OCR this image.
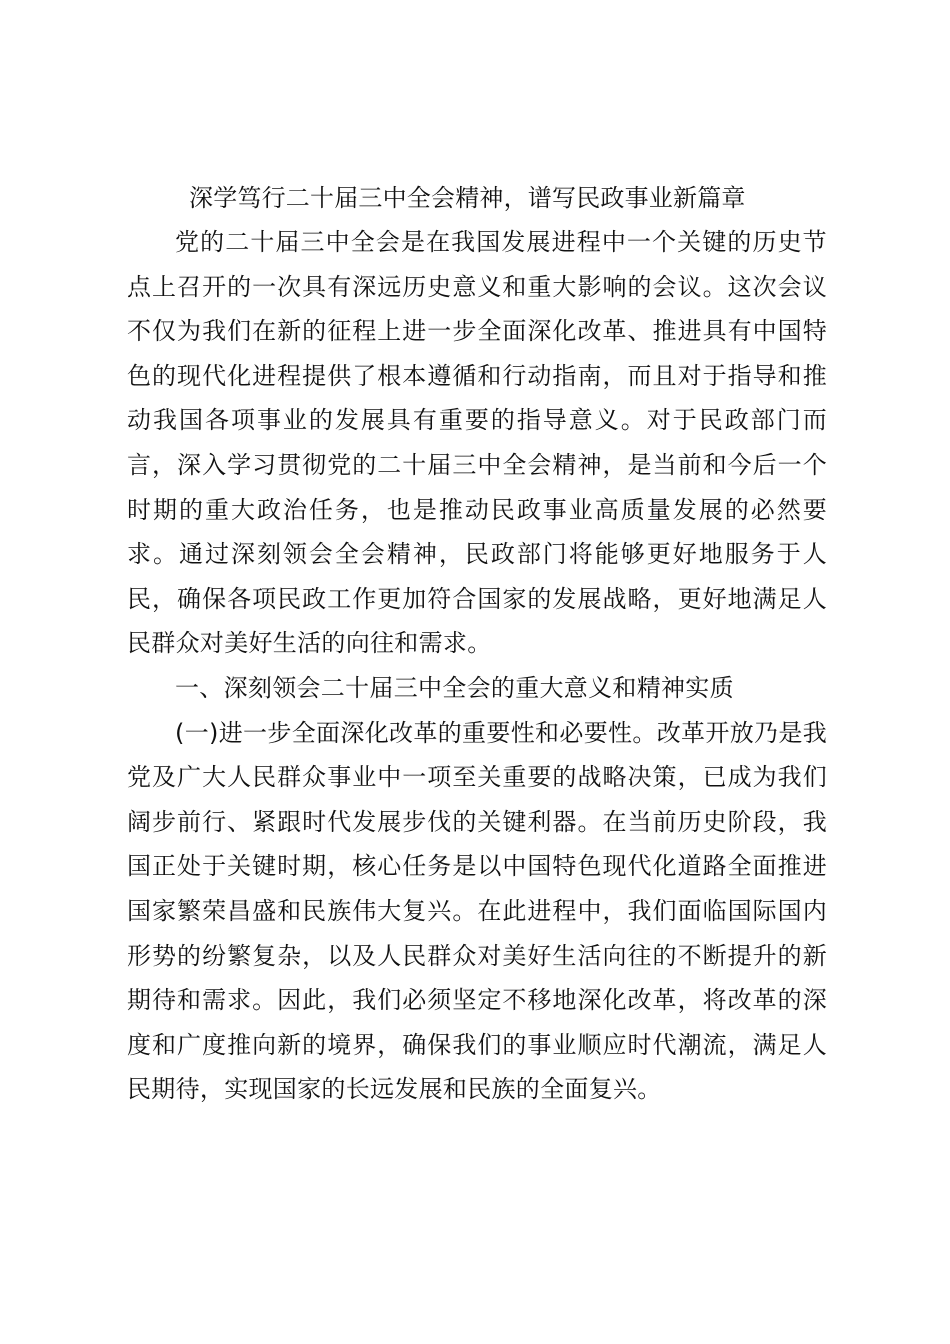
深学笃行二十届三中全会精神，谱写民政事业新篇章

党的二十届三中全会是在我国发展进程中一个关键的历史节点上召开的一次具有深远历史意义和重大影响的会议。这次会议不仅为我们在新的征程上进一步全面深化改革、推进具有中国特色的现代化进程提供了根本遵循和行动指南，而且对于指导和推动我国各项事业的发展具有重要的指导意义。对于民政部门而言，深入学习贯彻党的二十届三中全会精神，是当前和今后一个时期的重大政治任务，也是推动民政事业高质量发展的必然要求。通过深刻领会全会精神，民政部门将能够更好地服务于人民，确保各项民政工作更加符合国家的发展战略，更好地满足人民群众对美好生活的向往和需求。

一、深刻领会二十届三中全会的重大意义和精神实质

(一)进一步全面深化改革的重要性和必要性。改革开放乃是我党及广大人民群众事业中一项至关重要的战略决策，已成为我们阔步前行、紧跟时代发展步伐的关键利器。在当前历史阶段，我国正处于关键时期，核心任务是以中国特色现代化道路全面推进国家繁荣昌盛和民族伟大复兴。在此进程中，我们面临国际国内形势的纷繁复杂，以及人民群众对美好生活向往的不断提升的新期待和需求。因此，我们必须坚定不移地深化改革，将改革的深度和广度推向新的境界，确保我们的事业顺应时代潮流，满足人民期待，实现国家的长远发展和民族的全面复兴。
